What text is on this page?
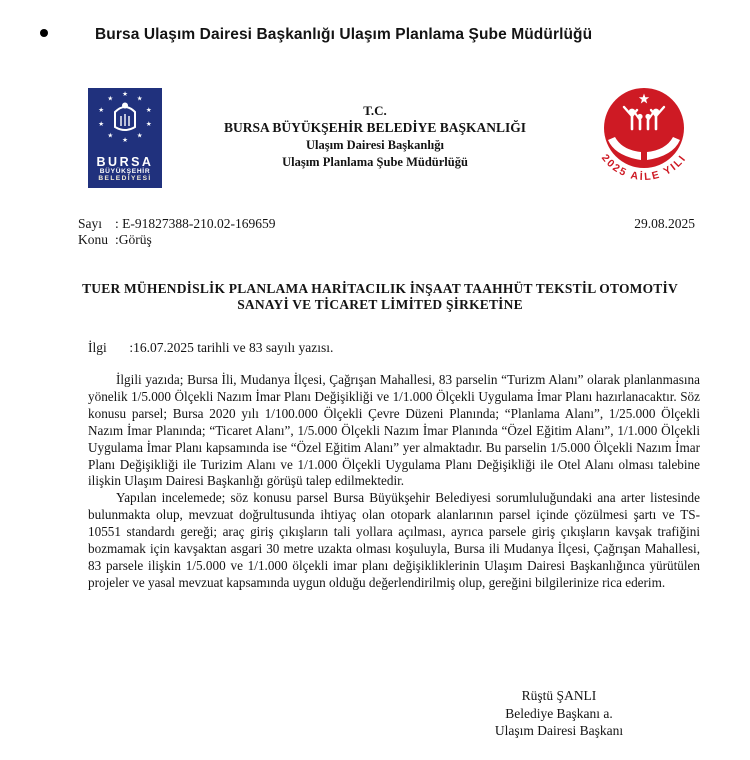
Bursa Ulaşım Dairesi Başkanlığı Ulaşım Planlama Şube Müdürlüğü
★
★
★
★
★
★
★
★
★
★
BURSA
BÜYÜKŞEHİR
BELEDİYESİ
T.C.
BURSA BÜYÜKŞEHİR BELEDİYE BAŞKANLIĞI
Ulaşım Dairesi Başkanlığı
Ulaşım Planlama Şube Müdürlüğü	2025 AİLE YILI
Sayı : E-91827388-210.02-169659	29.08.2025
Konu :Görüş
TUER MÜHENDİSLİK PLANLAMA HARİTACILIK İNŞAAT TAAHHÜT TEKSTİL OTOMOTİV SANAYİ VE TİCARET LİMİTED ŞİRKETİNE
İlgi :16.07.2025 tarihli ve 83 sayılı yazısı.

İlgili yazıda; Bursa İli, Mudanya İlçesi, Çağrışan Mahallesi, 83 parselin “Turizm Alanı” olarak planlanmasına yönelik 1/5.000 Ölçekli Nazım İmar Planı Değişikliği ve 1/1.000 Ölçekli Uygulama İmar Planı hazırlanacaktır. Söz konusu parsel; Bursa 2020 yılı 1/100.000 Ölçekli Çevre Düzeni Planında; “Planlama Alanı”, 1/25.000 Ölçekli Nazım İmar Planında; “Ticaret Alanı”, 1/5.000 Ölçekli Nazım İmar Planında “Özel Eğitim Alanı”, 1/1.000 Ölçekli Uygulama İmar Planı kapsamında ise “Özel Eğitim Alanı” yer almaktadır. Bu parselin 1/5.000 Ölçekli Nazım İmar Planı Değişikliği ile Turizim Alanı ve 1/1.000 Ölçekli Uygulama Planı Değişikliği ile Otel Alanı olması talebine ilişkin Ulaşım Dairesi Başkanlığı görüşü talep edilmektedir.

Yapılan incelemede; söz konusu parsel Bursa Büyükşehir Belediyesi sorumluluğundaki ana arter listesinde bulunmakta olup, mevzuat doğrultusunda ihtiyaç olan otopark alanlarının parsel içinde çözülmesi şartı ve TS-10551 standardı gereği; araç giriş çıkışların tali yollara açılması, ayrıca parsele giriş çıkışların kavşak trafiğini bozmamak için kavşaktan asgari 30 metre uzakta olması koşuluyla, Bursa ili Mudanya İlçesi, Çağrışan Mahallesi, 83 parsele ilişkin 1/5.000 ve 1/1.000 ölçekli imar planı değişikliklerinin Ulaşım Dairesi Başkanlığınca yürütülen projeler ve yasal mevzuat kapsamında uygun olduğu değerlendirilmiş olup, gereğini bilgilerinize rica ederim.

Rüştü ŞANLI
Belediye Başkanı a.
Ulaşım Dairesi Başkanı
